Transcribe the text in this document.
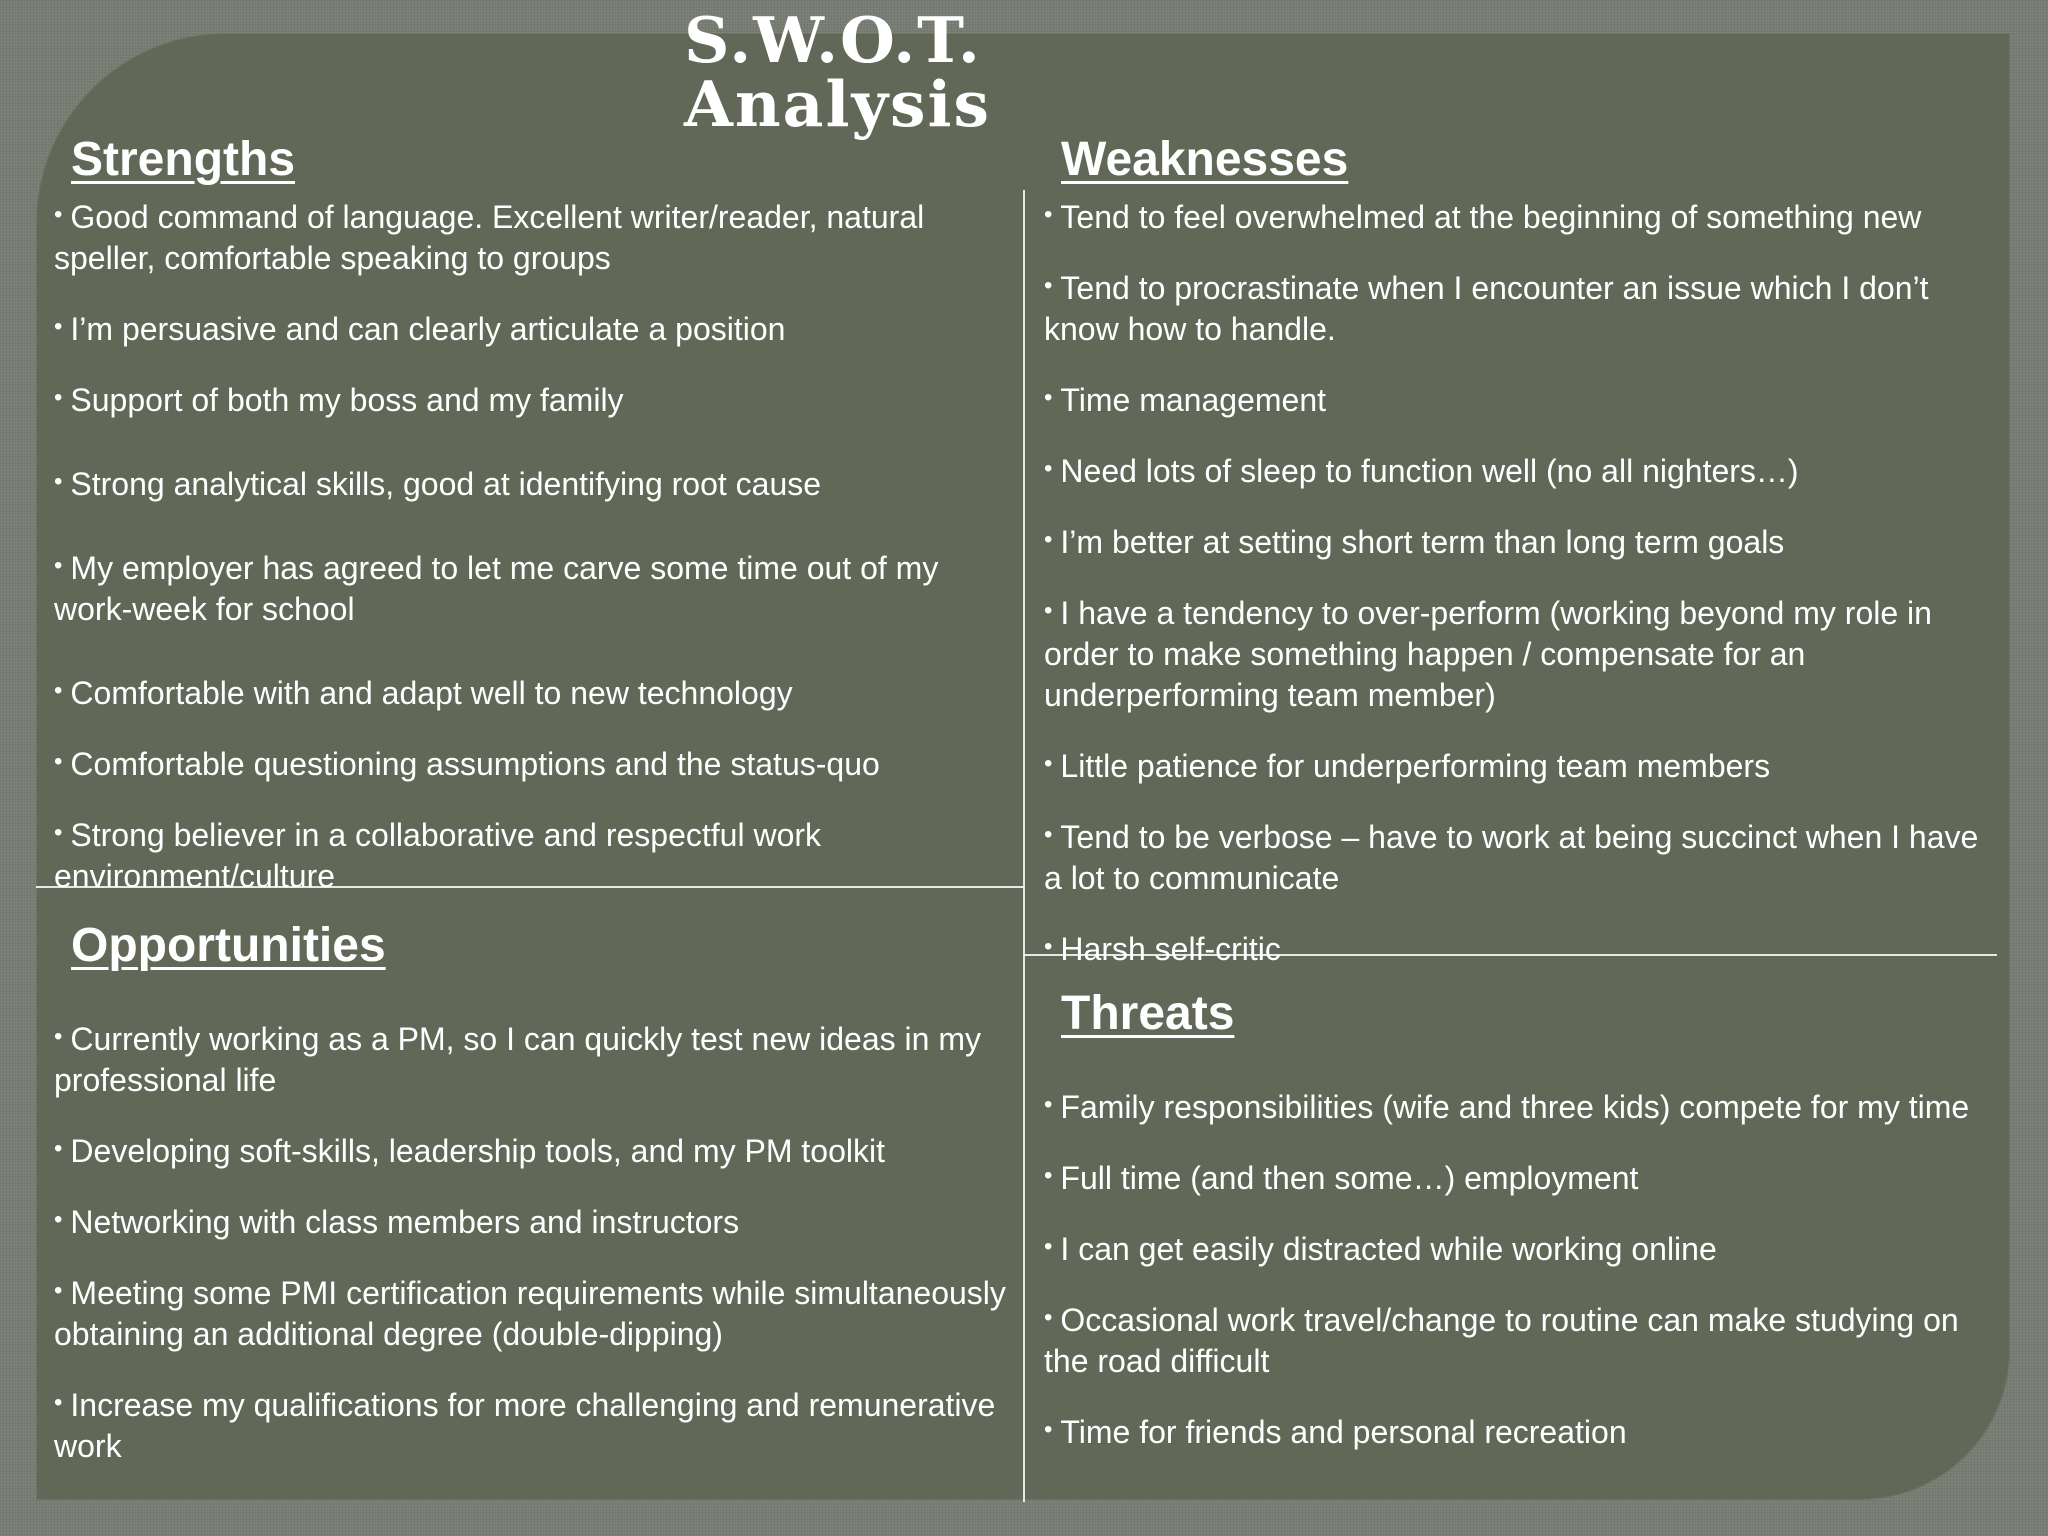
S.W.O.T.
Analysis
Strengths
• Good command of language. Excellent writer/reader, natural speller, comfortable speaking to groups
• I’m persuasive and can clearly articulate a position
• Support of both my boss and my family
• Strong analytical skills, good at identifying root cause
• My employer has agreed to let me carve some time out of my work-week for school
• Comfortable with and adapt well to new technology
• Comfortable questioning assumptions and the status-quo
• Strong believer in a collaborative and respectful work environment/culture
Weaknesses
• Tend to feel overwhelmed at the beginning of something new
• Tend to procrastinate when I encounter an issue which I don’t know how to handle.
• Time management
• Need lots of sleep to function well (no all nighters…)
• I’m better at setting short term than long term goals
• I have a tendency to over-perform (working beyond my role in order to make something happen / compensate for an underperforming team member)
• Little patience for underperforming team members
• Tend to be verbose – have to work at being succinct when I have a lot to communicate
• Harsh self-critic
Opportunities
• Currently working as a PM, so I can quickly test new ideas in my professional life
• Developing soft-skills, leadership tools, and my PM toolkit
• Networking with class members and instructors
• Meeting some PMI certification requirements while simultaneously obtaining an additional degree (double-dipping)
• Increase my qualifications for more challenging and remunerative work
Threats
• Family responsibilities (wife and three kids) compete for my time
• Full time (and then some…) employment
• I can get easily distracted while working online
• Occasional work travel/change to routine can make studying on the road difficult
• Time for friends and personal recreation
